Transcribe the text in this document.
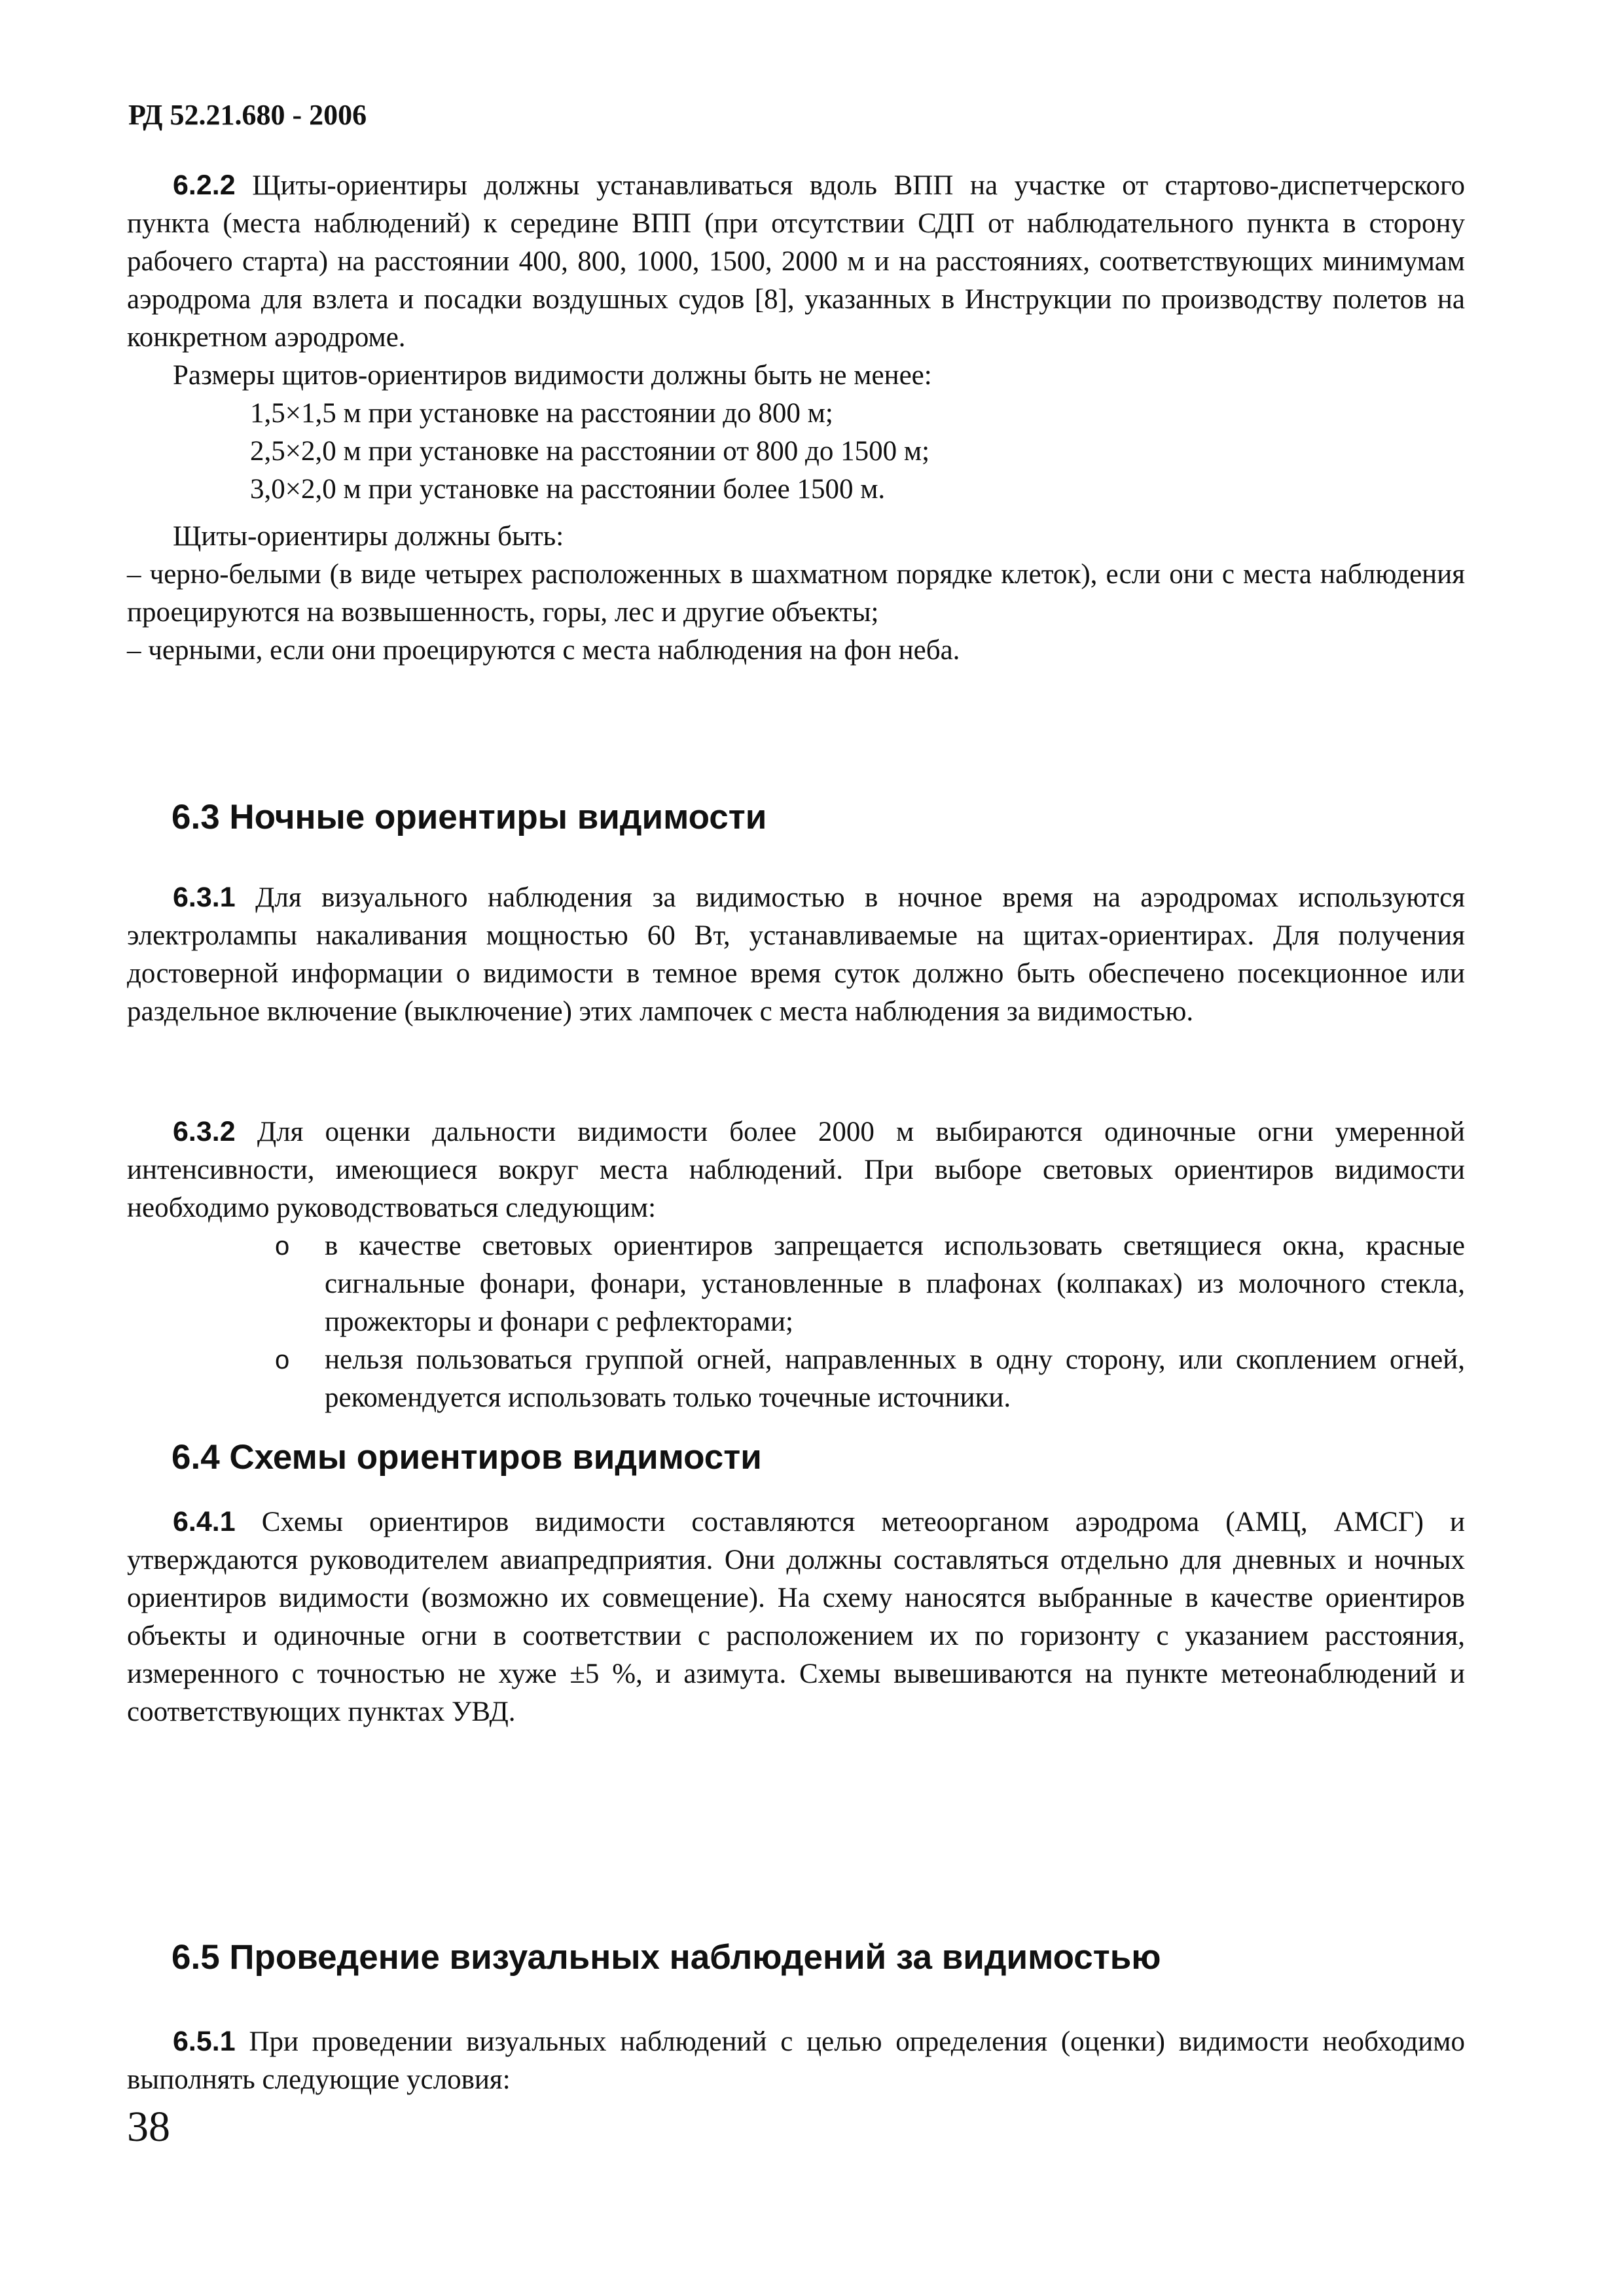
РД 52.21.680 - 2006

6.2.2 Щиты-ориентиры должны устанавливаться вдоль ВПП на участке от стартово-диспетчерского пункта (места наблюдений) к середине ВПП (при отсутствии СДП от наблюдательного пункта в сторону рабочего старта) на расстоянии 400, 800, 1000, 1500, 2000 м и на расстояниях, соответствующих минимумам аэродрома для взлета и посадки воздушных судов [8], указанных в Инструкции по производству полетов на конкретном аэродроме.

Размеры щитов-ориентиров видимости должны быть не менее:

1,5×1,5 м при установке на расстоянии до 800 м;
2,5×2,0 м при установке на расстоянии от 800 до 1500 м;
3,0×2,0 м при установке на расстоянии более 1500 м.

Щиты-ориентиры должны быть:

– черно-белыми (в виде четырех расположенных в шахматном порядке клеток), если они с места наблюдения проецируются на возвышенность, горы, лес и другие объекты;

– черными, если они проецируются с места наблюдения на фон неба.

6.3 Ночные ориентиры видимости

6.3.1 Для визуального наблюдения за видимостью в ночное время на аэродромах используются электролампы накаливания мощностью 60 Вт, устанавливаемые на щитах-ориентирах. Для получения достоверной информации о видимости в темное время суток должно быть обеспечено посекционное или раздельное включение (выключение) этих лампочек с места наблюдения за видимостью.

6.3.2 Для оценки дальности видимости более 2000 м выбираются одиночные огни умеренной интенсивности, имеющиеся вокруг места наблюдений. При выборе световых ориентиров видимости необходимо руководствоваться следующим:

o в качестве световых ориентиров запрещается использовать светящиеся окна, красные сигнальные фонари, фонари, установленные в плафонах (колпаках) из молочного стекла, прожекторы и фонари с рефлекторами;
o нельзя пользоваться группой огней, направленных в одну сторону, или скоплением огней, рекомендуется использовать только точечные источники.
6.4 Схемы ориентиров видимости

6.4.1 Схемы ориентиров видимости составляются метеоорганом аэродрома (АМЦ, АМСГ) и утверждаются руководителем авиапредприятия. Они должны составляться отдельно для дневных и ночных ориентиров видимости (возможно их совмещение). На схему наносятся выбранные в качестве ориентиров объекты и одиночные огни в соответствии с расположением их по горизонту с указанием расстояния, измеренного с точностью не хуже ±5 %, и азимута. Схемы вывешиваются на пункте метеонаблюдений и соответствующих пунктах УВД.

6.5 Проведение визуальных наблюдений за видимостью

6.5.1 При проведении визуальных наблюдений с целью определения (оценки) видимости необходимо выполнять следующие условия:

38
